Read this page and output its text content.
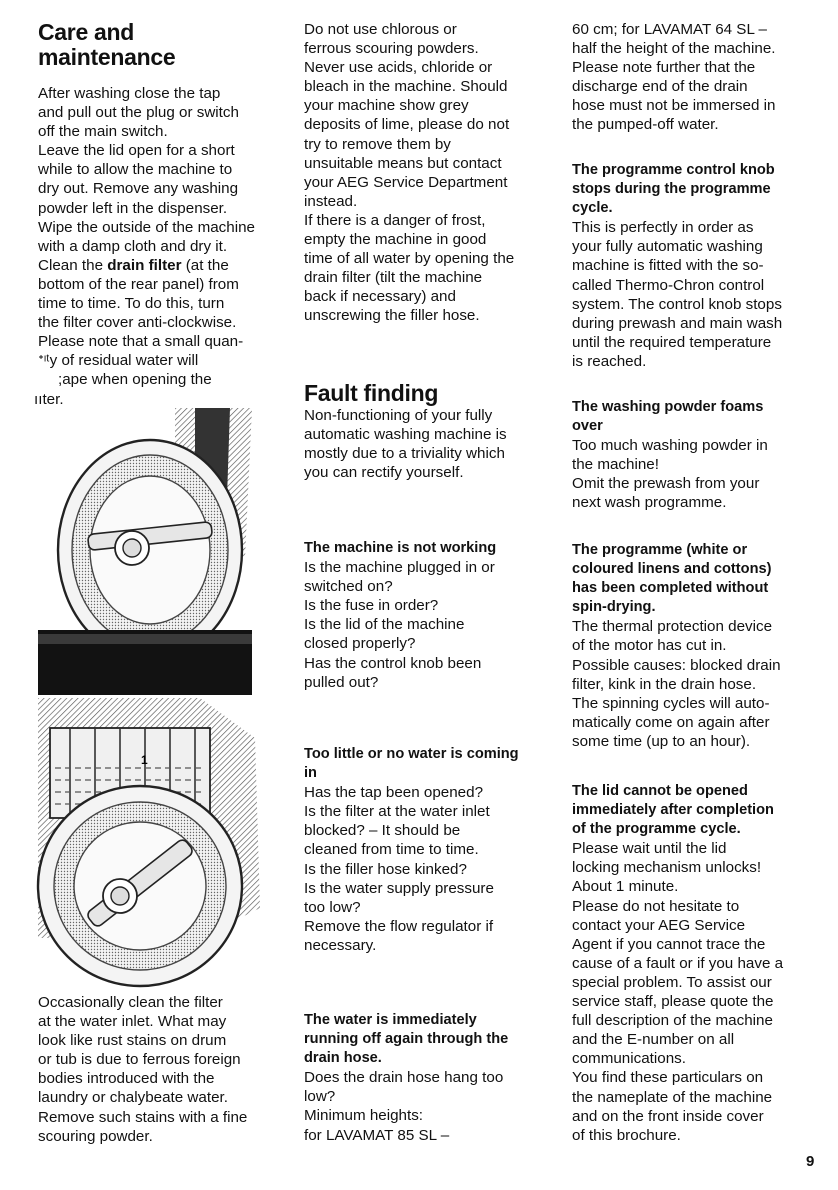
Care and
maintenance

After washing close the tap

and pull out the plug or switch

off the main switch.

Leave the lid open for a short

while to allow the machine to

dry out. Remove any washing

powder left in the dispenser.

Wipe the outside of the machine

with a damp cloth and dry it.

Clean the drain filter (at the

bottom of the rear panel) from

time to time. To do this, turn

the filter cover anti-clockwise.

Please note that a small quan-

ᐩᶦᵗy of residual water will

;ape when opening the

ııter.

1

Occasionally clean the filter

at the water inlet. What may

look like rust stains on drum

or tub is due to ferrous foreign

bodies introduced with the

laundry or chalybeate water.

Remove such stains with a fine

scouring powder.

Do not use chlorous or

ferrous scouring powders.

Never use acids, chloride or

bleach in the machine. Should

your machine show grey

deposits of lime, please do not

try to remove them by

unsuitable means but contact

your AEG Service Department

instead.

If there is a danger of frost,

empty the machine in good

time of all water by opening the

drain filter (tilt the machine

back if necessary) and

unscrewing the filler hose.

Fault finding

Non-functioning of your fully

automatic washing machine is

mostly due to a triviality which

you can rectify yourself.

The machine is not working

Is the machine plugged in or

switched on?

Is the fuse in order?

Is the lid of the machine

closed properly?

Has the control knob been

pulled out?

Too little or no water is coming

in

Has the tap been opened?

Is the filter at the water inlet

blocked? – It should be

cleaned from time to time.

Is the filler hose kinked?

Is the water supply pressure

too low?

Remove the flow regulator if

necessary.

The water is immediately

running off again through the

drain hose.

Does the drain hose hang too

low?

Minimum heights:

for LAVAMAT 85 SL –

60 cm; for LAVAMAT 64 SL –

half the height of the machine.

Please note further that the

discharge end of the drain

hose must not be immersed in

the pumped-off water.

The programme control knob

stops during the programme

cycle.

This is perfectly in order as

your fully automatic washing

machine is fitted with the so-

called Thermo-Chron control

system. The control knob stops

during prewash and main wash

until the required temperature

is reached.

The washing powder foams

over

Too much washing powder in

the machine!

Omit the prewash from your

next wash programme.

The programme (white or

coloured linens and cottons)

has been completed without

spin-drying.

The thermal protection device

of the motor has cut in.

Possible causes: blocked drain

filter, kink in the drain hose.

The spinning cycles will auto-

matically come on again after

some time (up to an hour).

The lid cannot be opened

immediately after completion

of the programme cycle.

Please wait until the lid

locking mechanism unlocks!

About 1 minute.

Please do not hesitate to

contact your AEG Service

Agent if you cannot trace the

cause of a fault or if you have a

special problem. To assist our

service staff, please quote the

full description of the machine

and the E-number on all

communications.

You find these particulars on

the nameplate of the machine

and on the front inside cover

of this brochure.

9
